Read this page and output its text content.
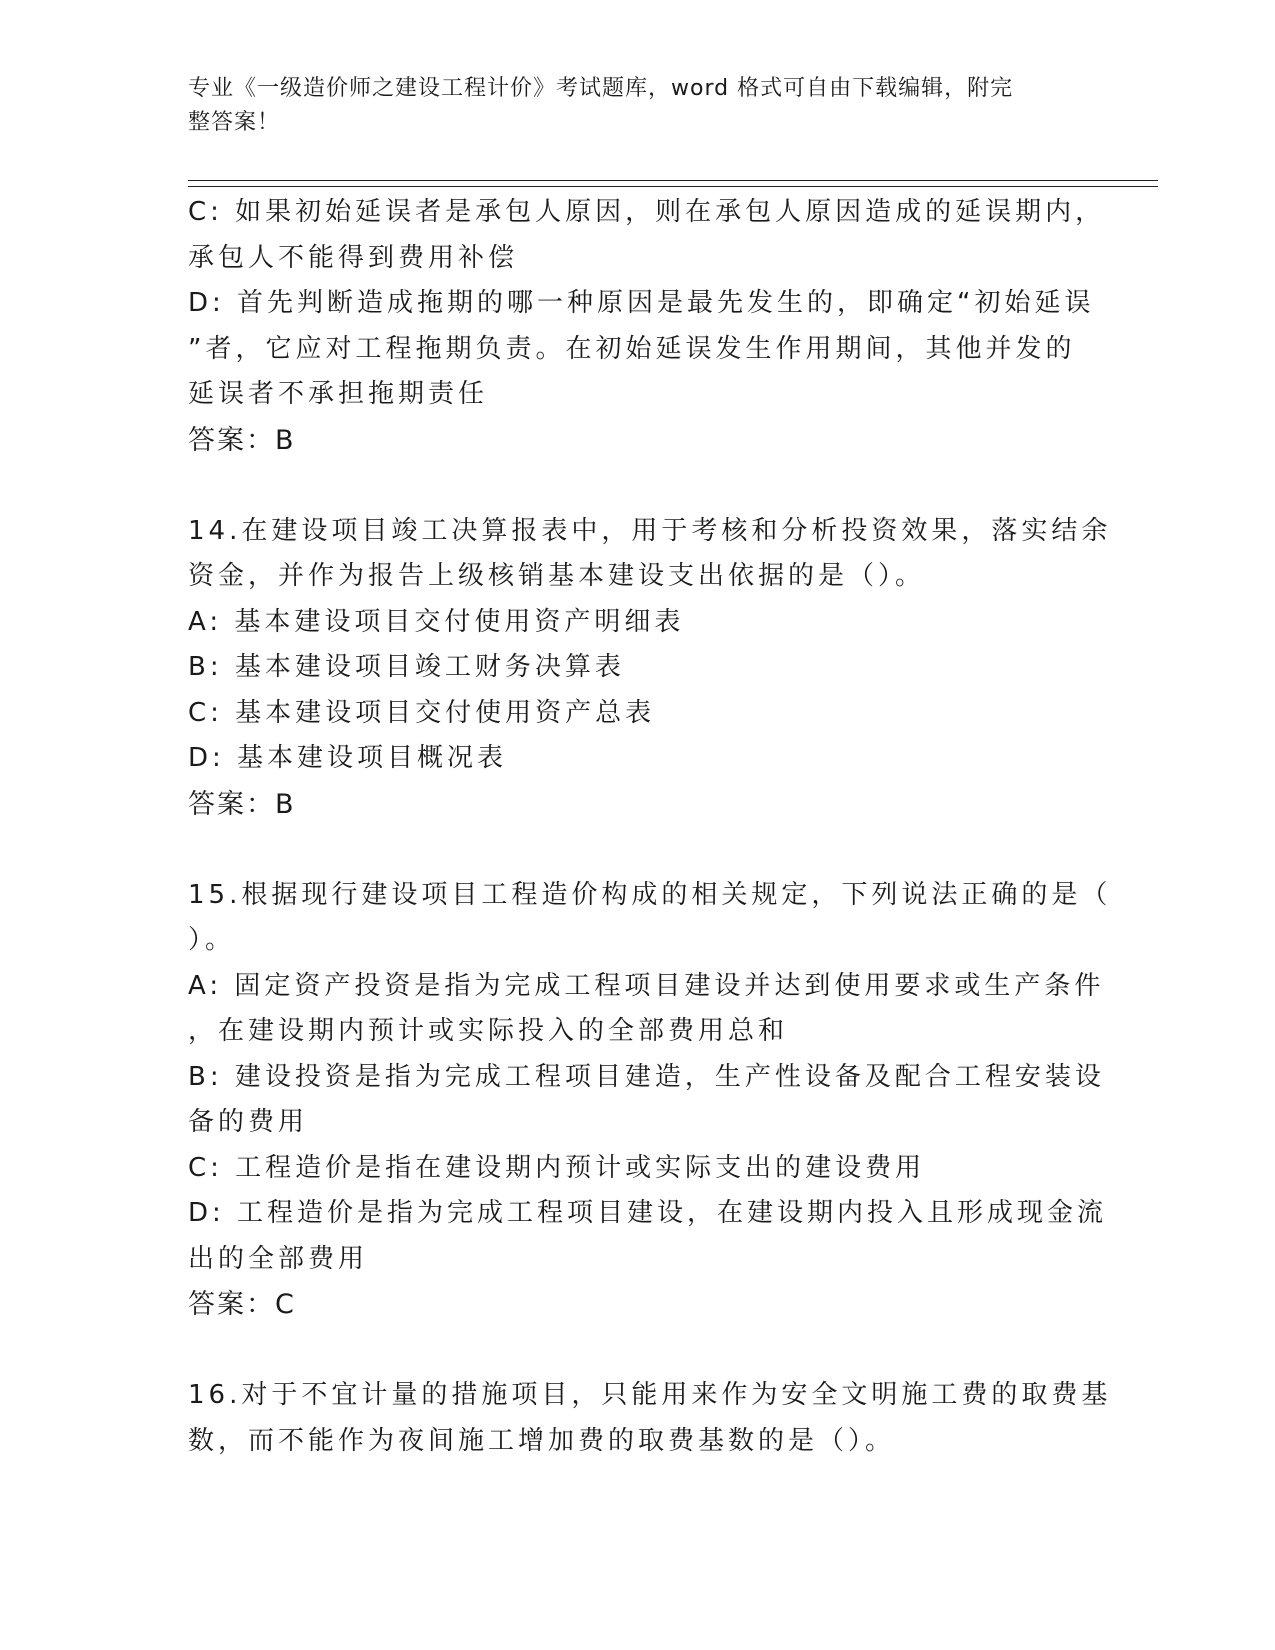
专业《一级造价师之建设工程计价》考试题库，word 格式可自由下载编辑，附完
整答案！

C: 如果初始延误者是承包人原因，则在承包人原因造成的延误期内，

承包人不能得到费用补偿

D: 首先判断造成拖期的哪一种原因是最先发生的，即确定“初始延误

”者，它应对工程拖期负责。在初始延误发生作用期间，其他并发的

延误者不承担拖期责任

答案：B

14.在建设项目竣工决算报表中，用于考核和分析投资效果，落实结余

资金，并作为报告上级核销基本建设支出依据的是（）。

A: 基本建设项目交付使用资产明细表

B: 基本建设项目竣工财务决算表

C: 基本建设项目交付使用资产总表

D: 基本建设项目概况表

答案：B

15.根据现行建设项目工程造价构成的相关规定，下列说法正确的是（

）。

A: 固定资产投资是指为完成工程项目建设并达到使用要求或生产条件

，在建设期内预计或实际投入的全部费用总和

B: 建设投资是指为完成工程项目建造，生产性设备及配合工程安装设

备的费用

C: 工程造价是指在建设期内预计或实际支出的建设费用

D: 工程造价是指为完成工程项目建设，在建设期内投入且形成现金流

出的全部费用

答案：C

16.对于不宜计量的措施项目，只能用来作为安全文明施工费的取费基

数，而不能作为夜间施工增加费的取费基数的是（）。
